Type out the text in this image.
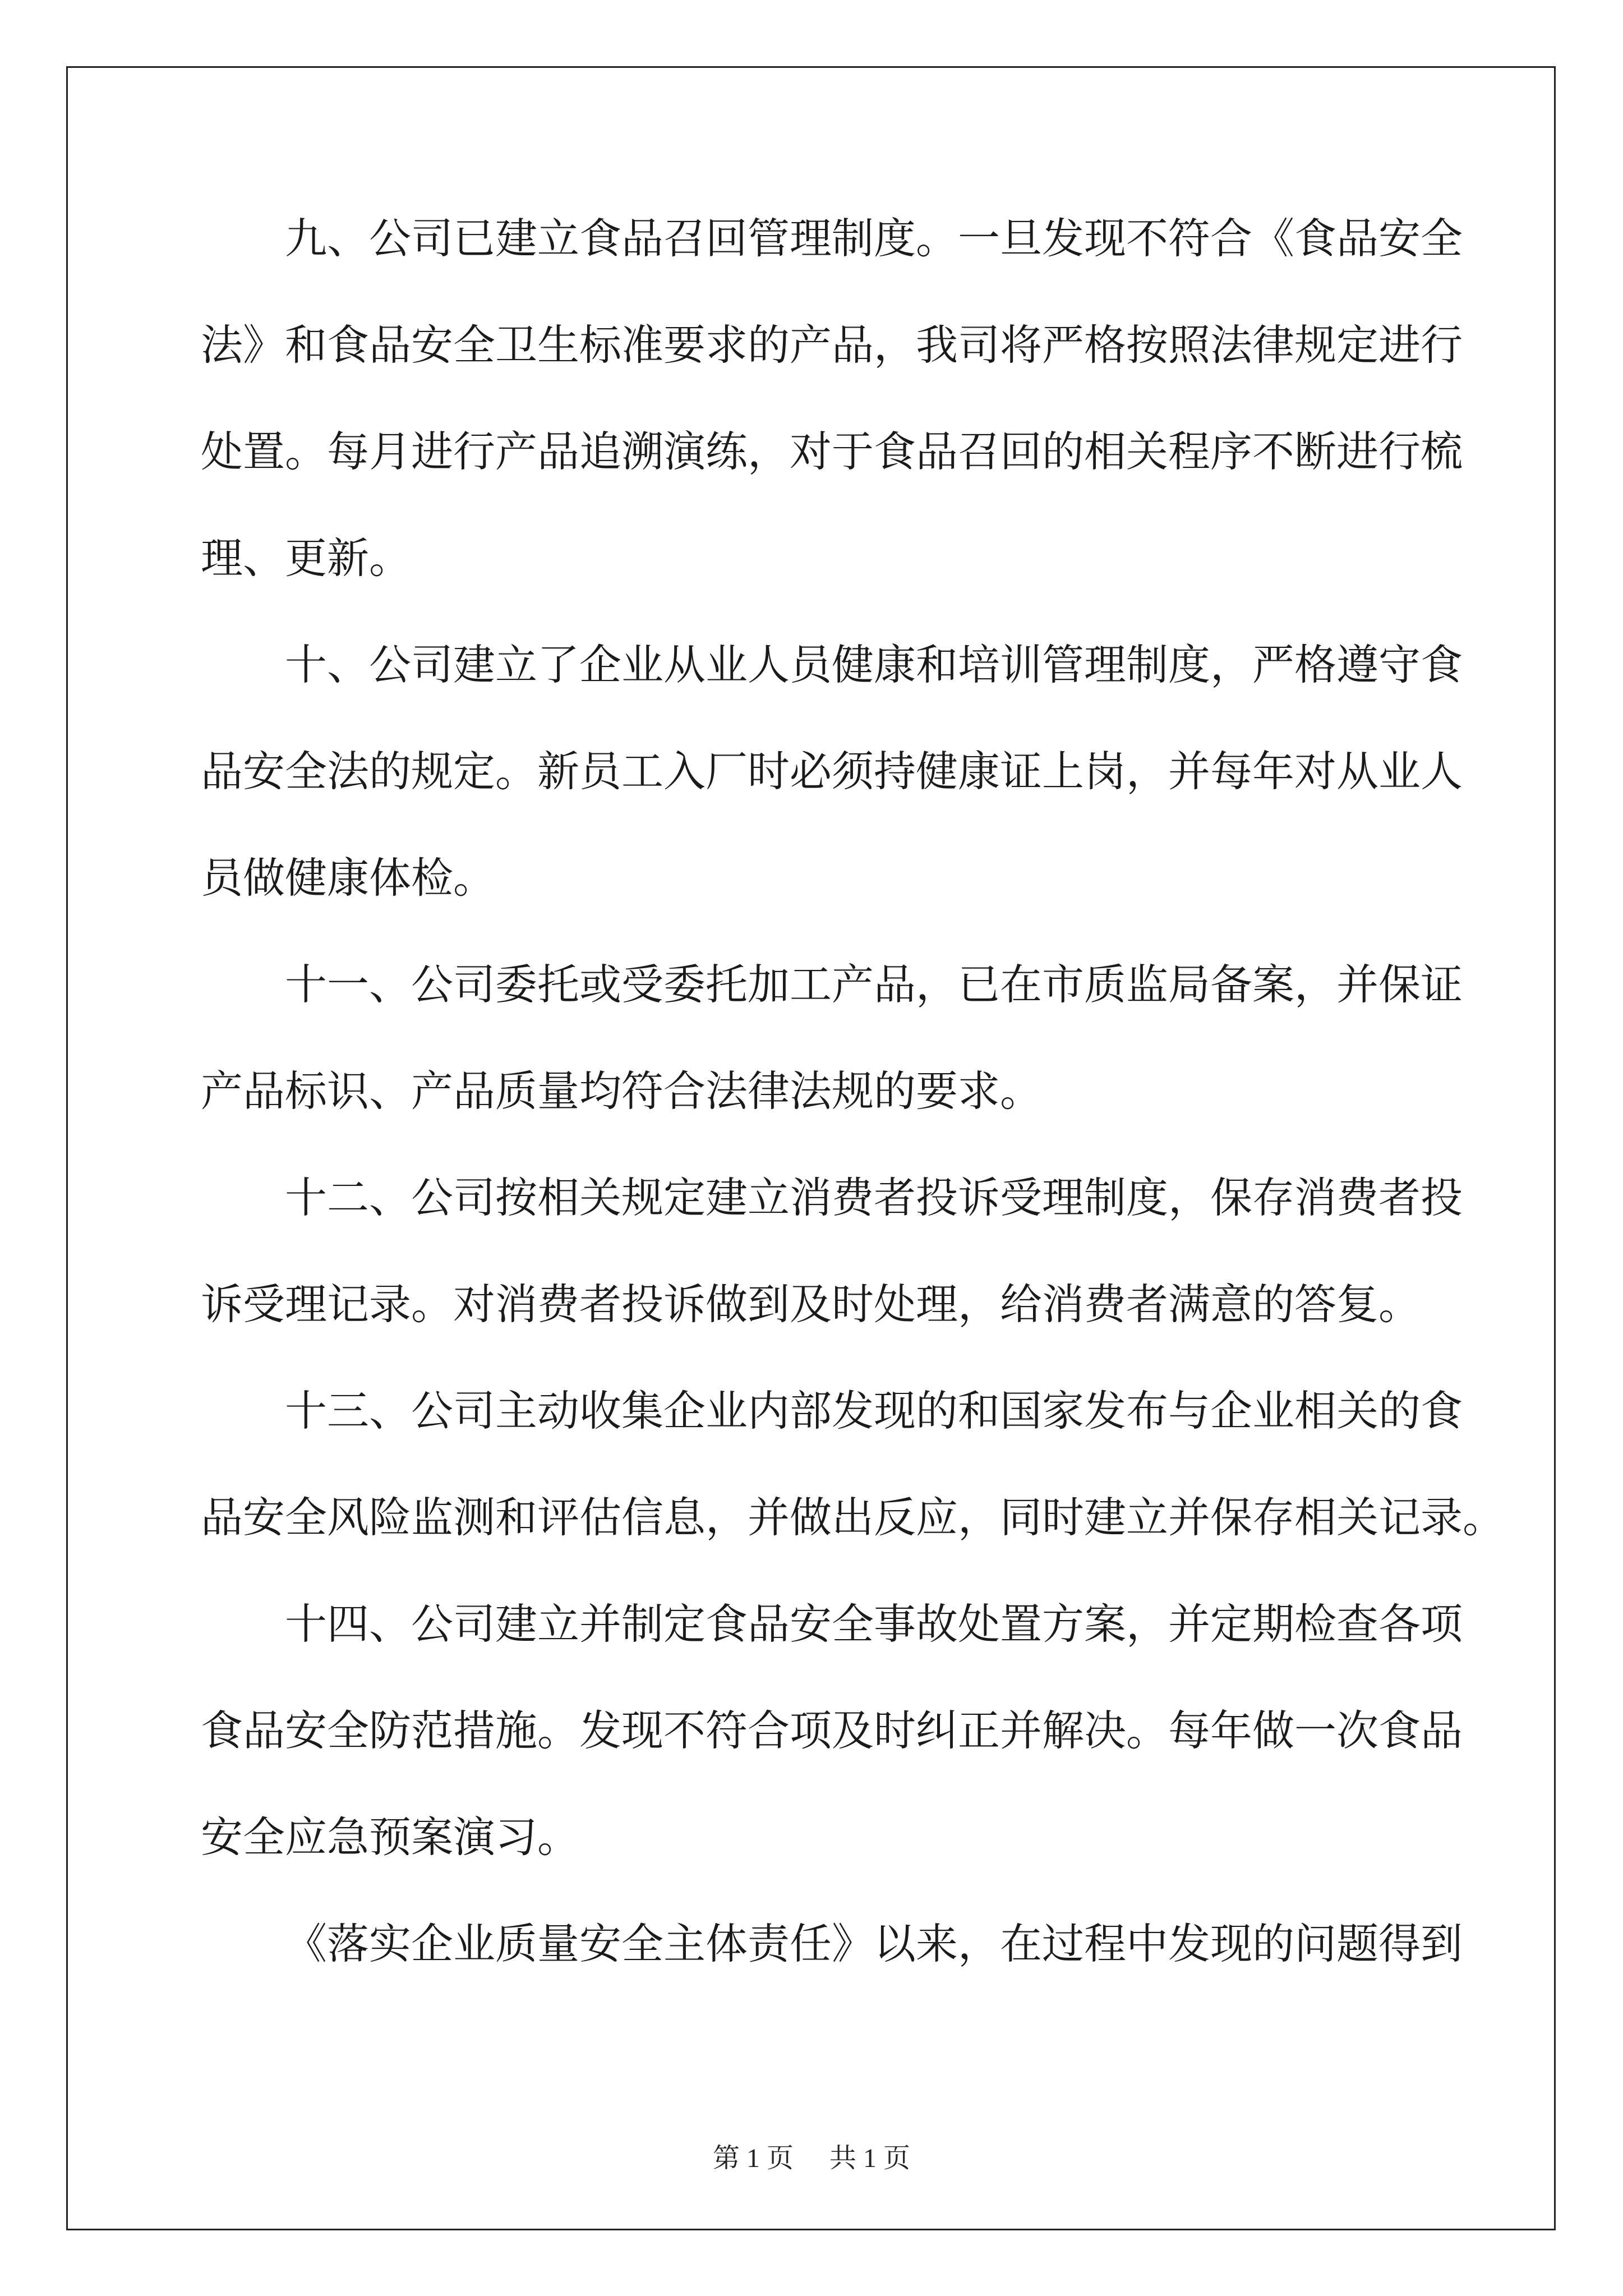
九、公司已建立食品召回管理制度。一旦发现不符合《食品安全
法》和食品安全卫生标准要求的产品，我司将严格按照法律规定进行
处置。每月进行产品追溯演练，对于食品召回的相关程序不断进行梳
理、更新。
十、公司建立了企业从业人员健康和培训管理制度，严格遵守食
品安全法的规定。新员工入厂时必须持健康证上岗，并每年对从业人
员做健康体检。
十一、公司委托或受委托加工产品，已在市质监局备案，并保证
产品标识、产品质量均符合法律法规的要求。
十二、公司按相关规定建立消费者投诉受理制度，保存消费者投
诉受理记录。对消费者投诉做到及时处理，给消费者满意的答复。
十三、公司主动收集企业内部发现的和国家发布与企业相关的食
品安全风险监测和评估信息，并做出反应，同时建立并保存相关记录。
十四、公司建立并制定食品安全事故处置方案，并定期检查各项
食品安全防范措施。发现不符合项及时纠正并解决。每年做一次食品
安全应急预案演习。
《落实企业质量安全主体责任》以来，在过程中发现的问题得到
第 1 页 共 1 页
